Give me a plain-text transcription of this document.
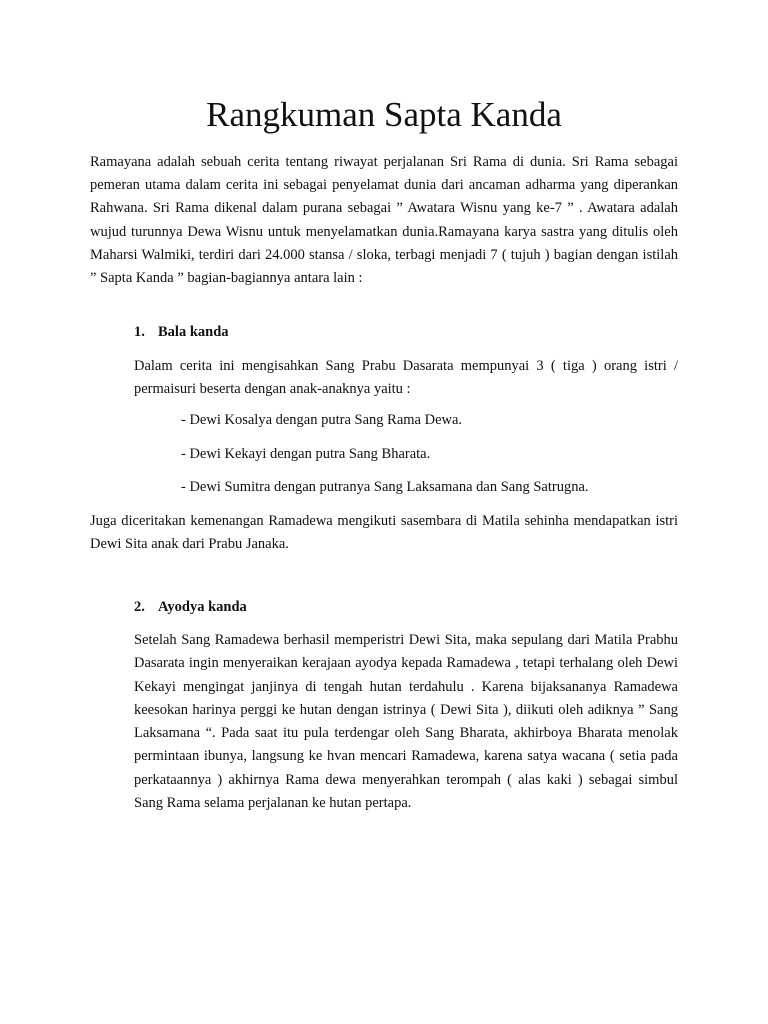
Rangkuman Sapta Kanda

Ramayana adalah sebuah cerita tentang riwayat perjalanan Sri Rama di dunia. Sri Rama sebagai pemeran utama dalam cerita ini sebagai penyelamat dunia dari ancaman adharma yang diperankan Rahwana. Sri Rama dikenal dalam purana sebagai ” Awatara Wisnu yang ke-7 ” . Awatara adalah wujud turunnya Dewa Wisnu untuk menyelamatkan dunia.Ramayana karya sastra yang ditulis oleh Maharsi Walmiki, terdiri dari 24.000 stansa / sloka, terbagi menjadi 7 ( tujuh ) bagian dengan istilah ” Sapta Kanda ” bagian-bagiannya antara lain :

1. Bala kanda

Dalam cerita ini mengisahkan Sang Prabu Dasarata mempunyai 3 ( tiga ) orang istri / permaisuri beserta dengan anak-anaknya yaitu :

- Dewi Kosalya dengan putra Sang Rama Dewa.

- Dewi Kekayi dengan putra Sang Bharata.

- Dewi Sumitra dengan putranya Sang Laksamana dan Sang Satrugna.

Juga diceritakan kemenangan Ramadewa mengikuti sasembara di Matila sehinha mendapatkan istri Dewi Sita anak dari Prabu Janaka.

2. Ayodya kanda

Setelah Sang Ramadewa berhasil memperistri Dewi Sita, maka sepulang dari Matila Prabhu Dasarata ingin menyeraikan kerajaan ayodya kepada Ramadewa , tetapi terhalang oleh Dewi Kekayi mengingat janjinya di tengah hutan terdahulu . Karena bijaksananya Ramadewa keesokan harinya perggi ke hutan dengan istrinya ( Dewi Sita ), diikuti oleh adiknya ” Sang Laksamana “. Pada saat itu pula terdengar oleh Sang Bharata, akhirboya Bharata menolak permintaan ibunya, langsung ke hvan mencari Ramadewa, karena satya wacana ( setia pada perkataannya ) akhirnya Rama dewa menyerahkan terompah ( alas kaki ) sebagai simbul Sang Rama selama perjalanan ke hutan pertapa.
